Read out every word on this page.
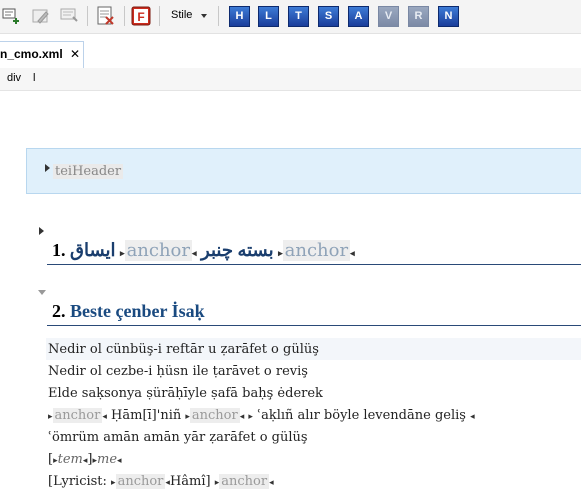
F Stile	H	L	T	S	A	V	R	N
n_cmo.xml ✕
div l
teiHeader
1. ايساق ▸ anchor ◂ بسته چنبر ▸ anchor ◂
2. Beste çenber İsaḳ
Nedir ol cünbüş-i reftār u ẓarāfet o gülüş
Nedir ol cezbe-i ḥüsn ile ṭarāvet o reviş
Elde saḳsonya ṣürāḥīyle ṣafā baḥş ėderek
▸ anchor ◂ Ḥām[ī]'niñ ▸ anchor ◂ ▸ ʿaḳlıñ alır böyle levendāne geliş ◂
ʿömrüm amān amān yār ẓarāfet o gülüş
[▸tem◂]▸me◂
[Lyricist: ▸ anchor ◂Hâmî] ▸ anchor ◂
